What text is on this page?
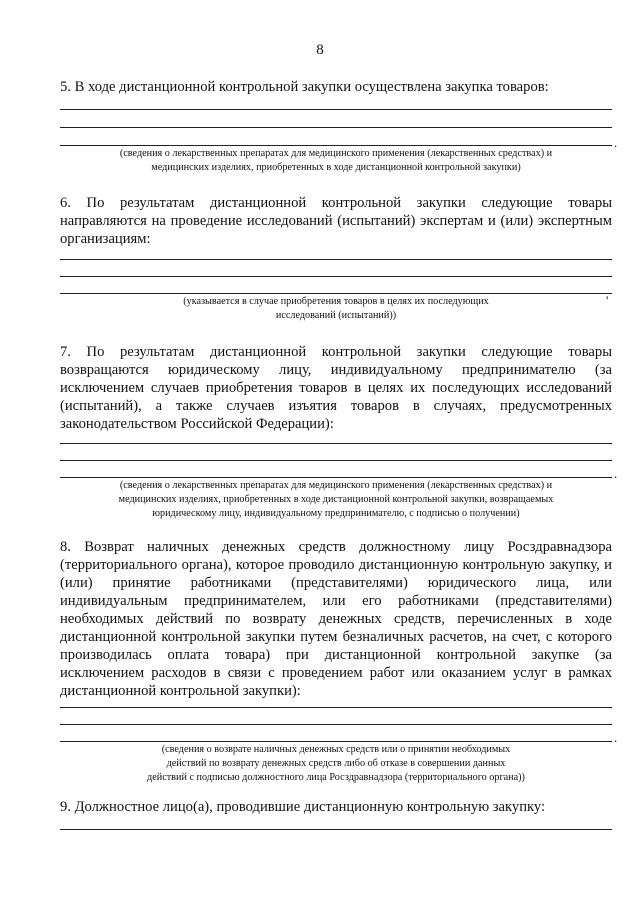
8

5. В ходе дистанционной контрольной закупки осуществлена закупка товаров:

.

(сведения о лекарственных препаратах для медицинского применения (лекарственных средствах) и
медицинских изделиях, приобретенных в ходе дистанционной контрольной закупки)

6. По результатам дистанционной контрольной закупки следующие товары направляются на проведение исследований (испытаний) экспертам и (или) экспертным организациям:

'

(указывается в случае приобретения товаров в целях их последующих
исследований (испытаний))

7. По результатам дистанционной контрольной закупки следующие товары возвращаются юридическому лицу, индивидуальному предпринимателю (за исключением случаев приобретения товаров в целях их последующих исследований (испытаний), а также случаев изъятия товаров в случаях, предусмотренных законодательством Российской Федерации):

.

(сведения о лекарственных препаратах для медицинского применения (лекарственных средствах) и
медицинских изделиях, приобретенных в ходе дистанционной контрольной закупки, возвращаемых
юридическому лицу, индивидуальному предпринимателю, с подписью о получении)

8. Возврат наличных денежных средств должностному лицу Росздравнадзора (территориального органа), которое проводило дистанционную контрольную закупку, и (или) принятие работниками (представителями) юридического лица, или индивидуальным предпринимателем, или его работниками (представителями) необходимых действий по возврату денежных средств, перечисленных в ходе дистанционной контрольной закупки путем безналичных расчетов, на счет, с которого производилась оплата товара) при дистанционной контрольной закупке (за исключением расходов в связи с проведением работ или оказанием услуг в рамках дистанционной контрольной закупки):

.

(сведения о возврате наличных денежных средств или о принятии необходимых
действий по возврату денежных средств либо об отказе в совершении данных
действий с подписью должностного лица Росздравнадзора (территориального органа))

9. Должностное лицо(а), проводившие дистанционную контрольную закупку:
